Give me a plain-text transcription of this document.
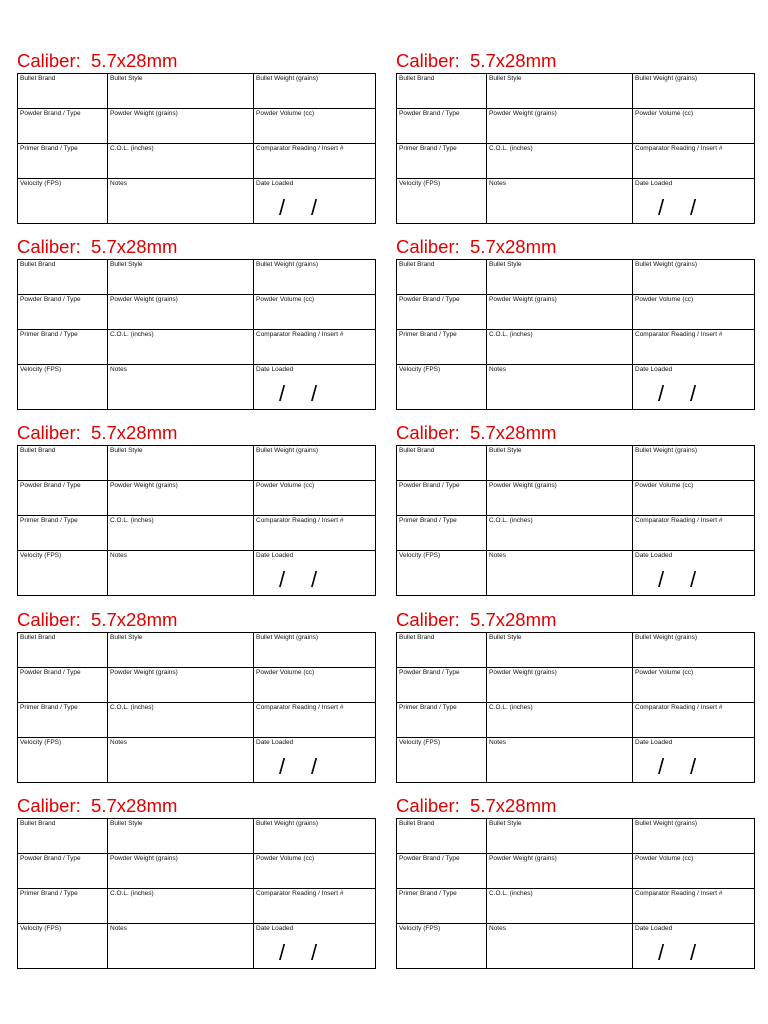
Caliber: 5.7x28mm
Bullet Brand	Bullet Style	Bullet Weight (grains)
Powder Brand / Type	Powder Weight (grains)	Powder Volume (cc)
Primer Brand / Type	C.O.L. (inches)	Comparator Reading / Insert #
Velocity (FPS)	Notes	Date Loaded
/ /
Caliber: 5.7x28mm
Bullet Brand	Bullet Style	Bullet Weight (grains)
Powder Brand / Type	Powder Weight (grains)	Powder Volume (cc)
Primer Brand / Type	C.O.L. (inches)	Comparator Reading / Insert #
Velocity (FPS)	Notes	Date Loaded
/ /
Caliber: 5.7x28mm
Bullet Brand	Bullet Style	Bullet Weight (grains)
Powder Brand / Type	Powder Weight (grains)	Powder Volume (cc)
Primer Brand / Type	C.O.L. (inches)	Comparator Reading / Insert #
Velocity (FPS)	Notes	Date Loaded
/ /
Caliber: 5.7x28mm
Bullet Brand	Bullet Style	Bullet Weight (grains)
Powder Brand / Type	Powder Weight (grains)	Powder Volume (cc)
Primer Brand / Type	C.O.L. (inches)	Comparator Reading / Insert #
Velocity (FPS)	Notes	Date Loaded
/ /
Caliber: 5.7x28mm
Bullet Brand	Bullet Style	Bullet Weight (grains)
Powder Brand / Type	Powder Weight (grains)	Powder Volume (cc)
Primer Brand / Type	C.O.L. (inches)	Comparator Reading / Insert #
Velocity (FPS)	Notes	Date Loaded
/ /
Caliber: 5.7x28mm
Bullet Brand	Bullet Style	Bullet Weight (grains)
Powder Brand / Type	Powder Weight (grains)	Powder Volume (cc)
Primer Brand / Type	C.O.L. (inches)	Comparator Reading / Insert #
Velocity (FPS)	Notes	Date Loaded
/ /
Caliber: 5.7x28mm
Bullet Brand	Bullet Style	Bullet Weight (grains)
Powder Brand / Type	Powder Weight (grains)	Powder Volume (cc)
Primer Brand / Type	C.O.L. (inches)	Comparator Reading / Insert #
Velocity (FPS)	Notes	Date Loaded
/ /
Caliber: 5.7x28mm
Bullet Brand	Bullet Style	Bullet Weight (grains)
Powder Brand / Type	Powder Weight (grains)	Powder Volume (cc)
Primer Brand / Type	C.O.L. (inches)	Comparator Reading / Insert #
Velocity (FPS)	Notes	Date Loaded
/ /
Caliber: 5.7x28mm
Bullet Brand	Bullet Style	Bullet Weight (grains)
Powder Brand / Type	Powder Weight (grains)	Powder Volume (cc)
Primer Brand / Type	C.O.L. (inches)	Comparator Reading / Insert #
Velocity (FPS)	Notes	Date Loaded
/ /
Caliber: 5.7x28mm
Bullet Brand	Bullet Style	Bullet Weight (grains)
Powder Brand / Type	Powder Weight (grains)	Powder Volume (cc)
Primer Brand / Type	C.O.L. (inches)	Comparator Reading / Insert #
Velocity (FPS)	Notes	Date Loaded
/ /
